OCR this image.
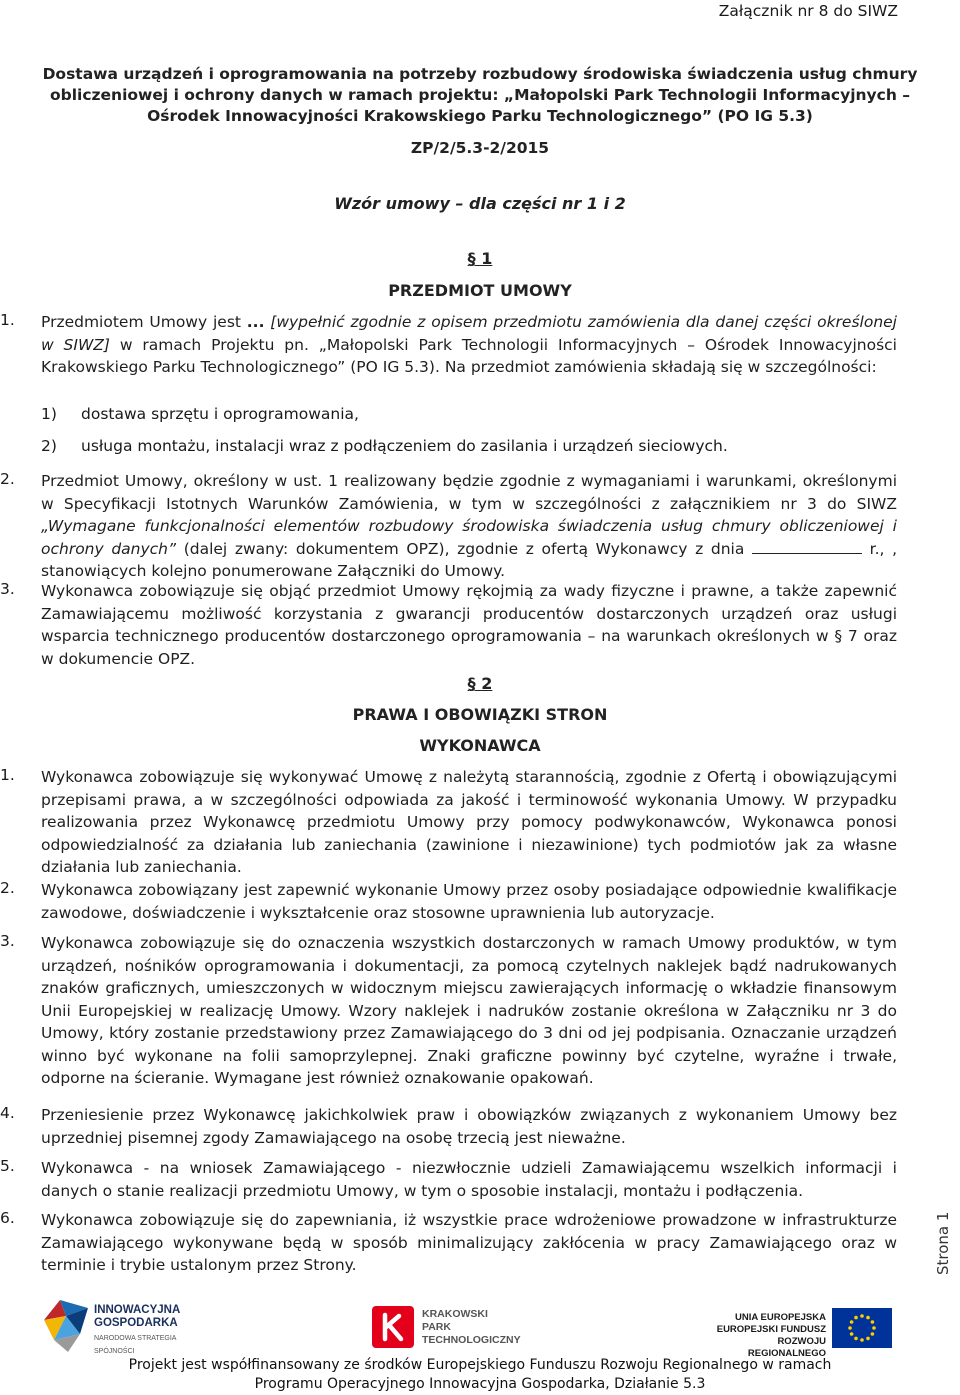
Załącznik nr 8 do SIWZ
Dostawa urządzeń i oprogramowania na potrzeby rozbudowy środowiska świadczenia usług chmury obliczeniowej i ochrony danych w ramach projektu: „Małopolski Park Technologii Informacyjnych – Ośrodek Innowacyjności Krakowskiego Parku Technologicznego” (PO IG 5.3)
ZP/2/5.3-2/2015
Wzór umowy – dla części nr 1 i 2
§ 1
PRZEDMIOT UMOWY
1. Przedmiotem Umowy jest ... [wypełnić zgodnie z opisem przedmiotu zamówienia dla danej części określonej w SIWZ] w ramach Projektu pn. „Małopolski Park Technologii Informacyjnych – Ośrodek Innowacyjności Krakowskiego Parku Technologicznego” (PO IG 5.3). Na przedmiot zamówienia składają się w szczególności:
1) dostawa sprzętu i oprogramowania,
2) usługa montażu, instalacji wraz z podłączeniem do zasilania i urządzeń sieciowych.
2. Przedmiot Umowy, określony w ust. 1 realizowany będzie zgodnie z wymaganiami i warunkami, określonymi w Specyfikacji Istotnych Warunków Zamówienia, w tym w szczególności z załącznikiem nr 3 do SIWZ „Wymagane funkcjonalności elementów rozbudowy środowiska świadczenia usług chmury obliczeniowej i ochrony danych” (dalej zwany: dokumentem OPZ), zgodnie z ofertą Wykonawcy z dnia	r., , stanowiących kolejno ponumerowane Załączniki do Umowy.
3. Wykonawca zobowiązuje się objąć przedmiot Umowy rękojmią za wady fizyczne i prawne, a także zapewnić Zamawiającemu możliwość korzystania z gwarancji producentów dostarczonych urządzeń oraz usługi wsparcia technicznego producentów dostarczonego oprogramowania – na warunkach określonych w § 7 oraz w dokumencie OPZ.
§ 2
PRAWA I OBOWIĄZKI STRON
WYKONAWCA
1. Wykonawca zobowiązuje się wykonywać Umowę z należytą starannością, zgodnie z Ofertą i obowiązującymi przepisami prawa, a w szczególności odpowiada za jakość i terminowość wykonania Umowy. W przypadku realizowania przez Wykonawcę przedmiotu Umowy przy pomocy podwykonawców, Wykonawca ponosi odpowiedzialność za działania lub zaniechania (zawinione i niezawinione) tych podmiotów jak za własne działania lub zaniechania.
2. Wykonawca zobowiązany jest zapewnić wykonanie Umowy przez osoby posiadające odpowiednie kwalifikacje zawodowe, doświadczenie i wykształcenie oraz stosowne uprawnienia lub autoryzacje.
3. Wykonawca zobowiązuje się do oznaczenia wszystkich dostarczonych w ramach Umowy produktów, w tym urządzeń, nośników oprogramowania i dokumentacji, za pomocą czytelnych naklejek bądź nadrukowanych znaków graficznych, umieszczonych w widocznym miejscu zawierających informację o wkładzie finansowym Unii Europejskiej w realizację Umowy. Wzory naklejek i nadruków zostanie określona w Załączniku nr 3 do Umowy, który zostanie przedstawiony przez Zamawiającego do 3 dni od jej podpisania. Oznaczanie urządzeń winno być wykonane na folii samoprzylepnej. Znaki graficzne powinny być czytelne, wyraźne i trwałe, odporne na ścieranie. Wymagane jest również oznakowanie opakowań.
4. Przeniesienie przez Wykonawcę jakichkolwiek praw i obowiązków związanych z wykonaniem Umowy bez uprzedniej pisemnej zgody Zamawiającego na osobę trzecią jest nieważne.
5. Wykonawca - na wniosek Zamawiającego - niezwłocznie udzieli Zamawiającemu wszelkich informacji i danych o stanie realizacji przedmiotu Umowy, w tym o sposobie instalacji, montażu i podłączenia.
6. Wykonawca zobowiązuje się do zapewniania, iż wszystkie prace wdrożeniowe prowadzone w infrastrukturze Zamawiającego wykonywane będą w sposób minimalizujący zakłócenia w pracy Zamawiającego oraz w terminie i trybie ustalonym przez Strony.	Strona 1
INNOWACYJNA
GOSPODARKA
NARODOWA STRATEGIA SPÓJNOŚCI
KRAKOWSKI
PARK
TECHNOLOGICZNY
UNIA EUROPEJSKA
EUROPEJSKI FUNDUSZ
ROZWOJU REGIONALNEGO
Projekt jest współfinansowany ze środków Europejskiego Funduszu Rozwoju Regionalnego w ramach
Programu Operacyjnego Innowacyjna Gospodarka, Działanie 5.3
